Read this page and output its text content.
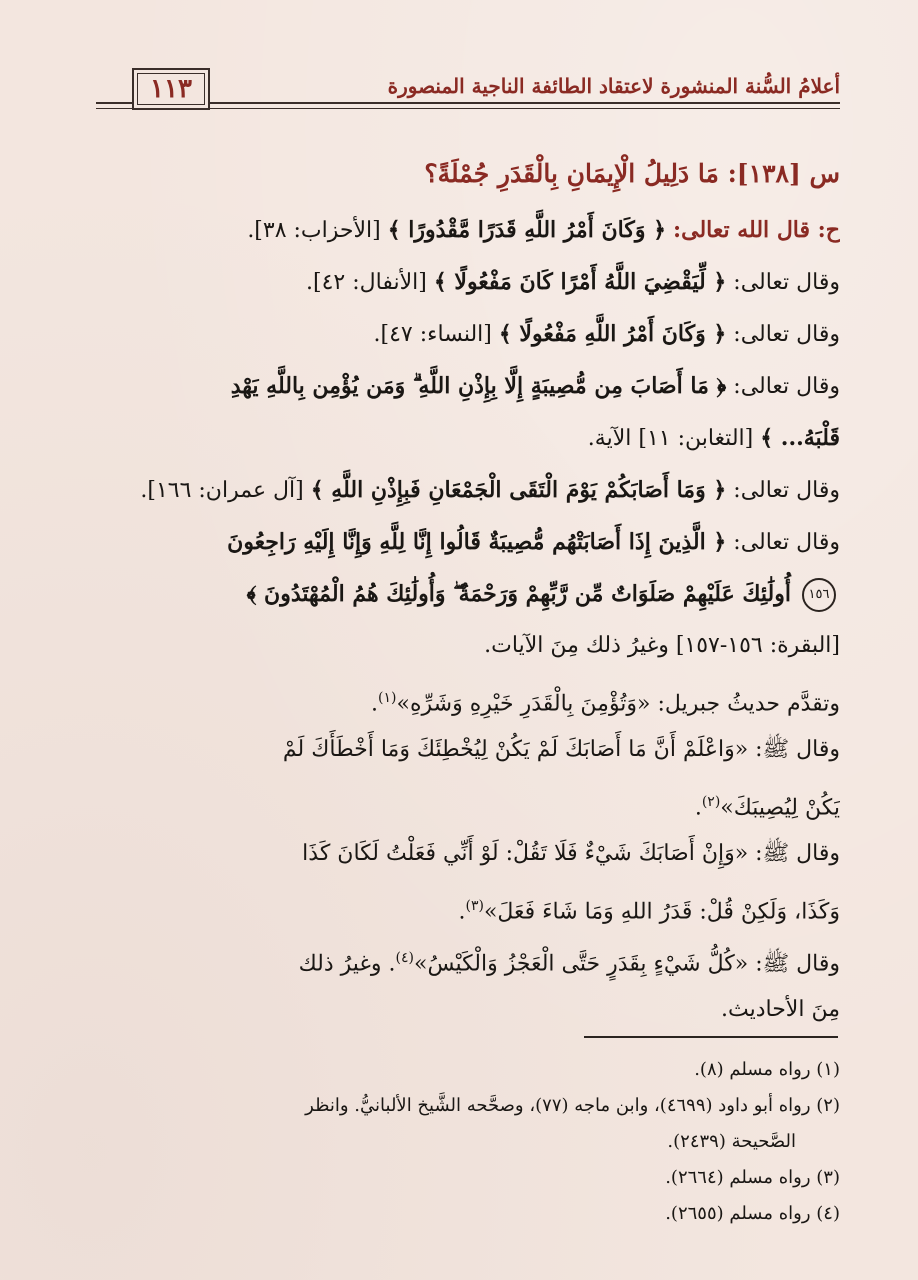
أعلامُ السُّنة المنشورة لاعتقاد الطائفة الناجية المنصورة
١١٣
س [١٣٨]: مَا دَلِيلُ الْإِيمَانِ بِالْقَدَرِ جُمْلَةً؟
ح: قال الله تعالى: ﴿ وَكَانَ أَمْرُ اللَّهِ قَدَرًا مَّقْدُورًا ﴾ [الأحزاب: ٣٨].
وقال تعالى: ﴿ لِّيَقْضِيَ اللَّهُ أَمْرًا كَانَ مَفْعُولًا ﴾ [الأنفال: ٤٢].
وقال تعالى: ﴿ وَكَانَ أَمْرُ اللَّهِ مَفْعُولًا ﴾ [النساء: ٤٧].
وقال تعالى: ﴿ مَا أَصَابَ مِن مُّصِيبَةٍ إِلَّا بِإِذْنِ اللَّهِ ۗ وَمَن يُؤْمِن بِاللَّهِ يَهْدِ
قَلْبَهُ... ﴾ [التغابن: ١١] الآية.
وقال تعالى: ﴿ وَمَا أَصَابَكُمْ يَوْمَ الْتَقَى الْجَمْعَانِ فَبِإِذْنِ اللَّهِ ﴾ [آل عمران: ١٦٦].
وقال تعالى: ﴿ الَّذِينَ إِذَا أَصَابَتْهُم مُّصِيبَةٌ قَالُوا إِنَّا لِلَّهِ وَإِنَّا إِلَيْهِ رَاجِعُونَ
١٥٦ أُولَٰئِكَ عَلَيْهِمْ صَلَوَاتٌ مِّن رَّبِّهِمْ وَرَحْمَةٌ ۖ وَأُولَٰئِكَ هُمُ الْمُهْتَدُونَ ﴾
[البقرة: ١٥٦-١٥٧] وغيرُ ذلك مِنَ الآيات.
وتقدَّم حديثُ جبريل: «وَتُؤْمِنَ بِالْقَدَرِ خَيْرِهِ وَشَرِّهِ»$^{(١)}$.
وقال ﷺ: «وَاعْلَمْ أَنَّ مَا أَصَابَكَ لَمْ يَكُنْ لِيُخْطِئَكَ وَمَا أَخْطَأَكَ لَمْ
يَكُنْ لِيُصِيبَكَ»$^{(٢)}$.
وقال ﷺ: «وَإِنْ أَصَابَكَ شَيْءٌ فَلَا تَقُلْ: لَوْ أَنِّي فَعَلْتُ لَكَانَ كَذَا
وَكَذَا، وَلَكِنْ قُلْ: قَدَرُ اللهِ وَمَا شَاءَ فَعَلَ»$^{(٣)}$.
وقال ﷺ: «كُلُّ شَيْءٍ بِقَدَرٍ حَتَّى الْعَجْزُ وَالْكَيْسُ»$^{(٤)}$. وغيرُ ذلك
مِنَ الأحاديث.
(١) رواه مسلم (٨).
(٢) رواه أبو داود (٤٦٩٩)، وابن ماجه (٧٧)، وصحَّحه الشَّيخ الألبانيُّ. وانظر
الصَّحيحة (٢٤٣٩).
(٣) رواه مسلم (٢٦٦٤).
(٤) رواه مسلم (٢٦٥٥).
